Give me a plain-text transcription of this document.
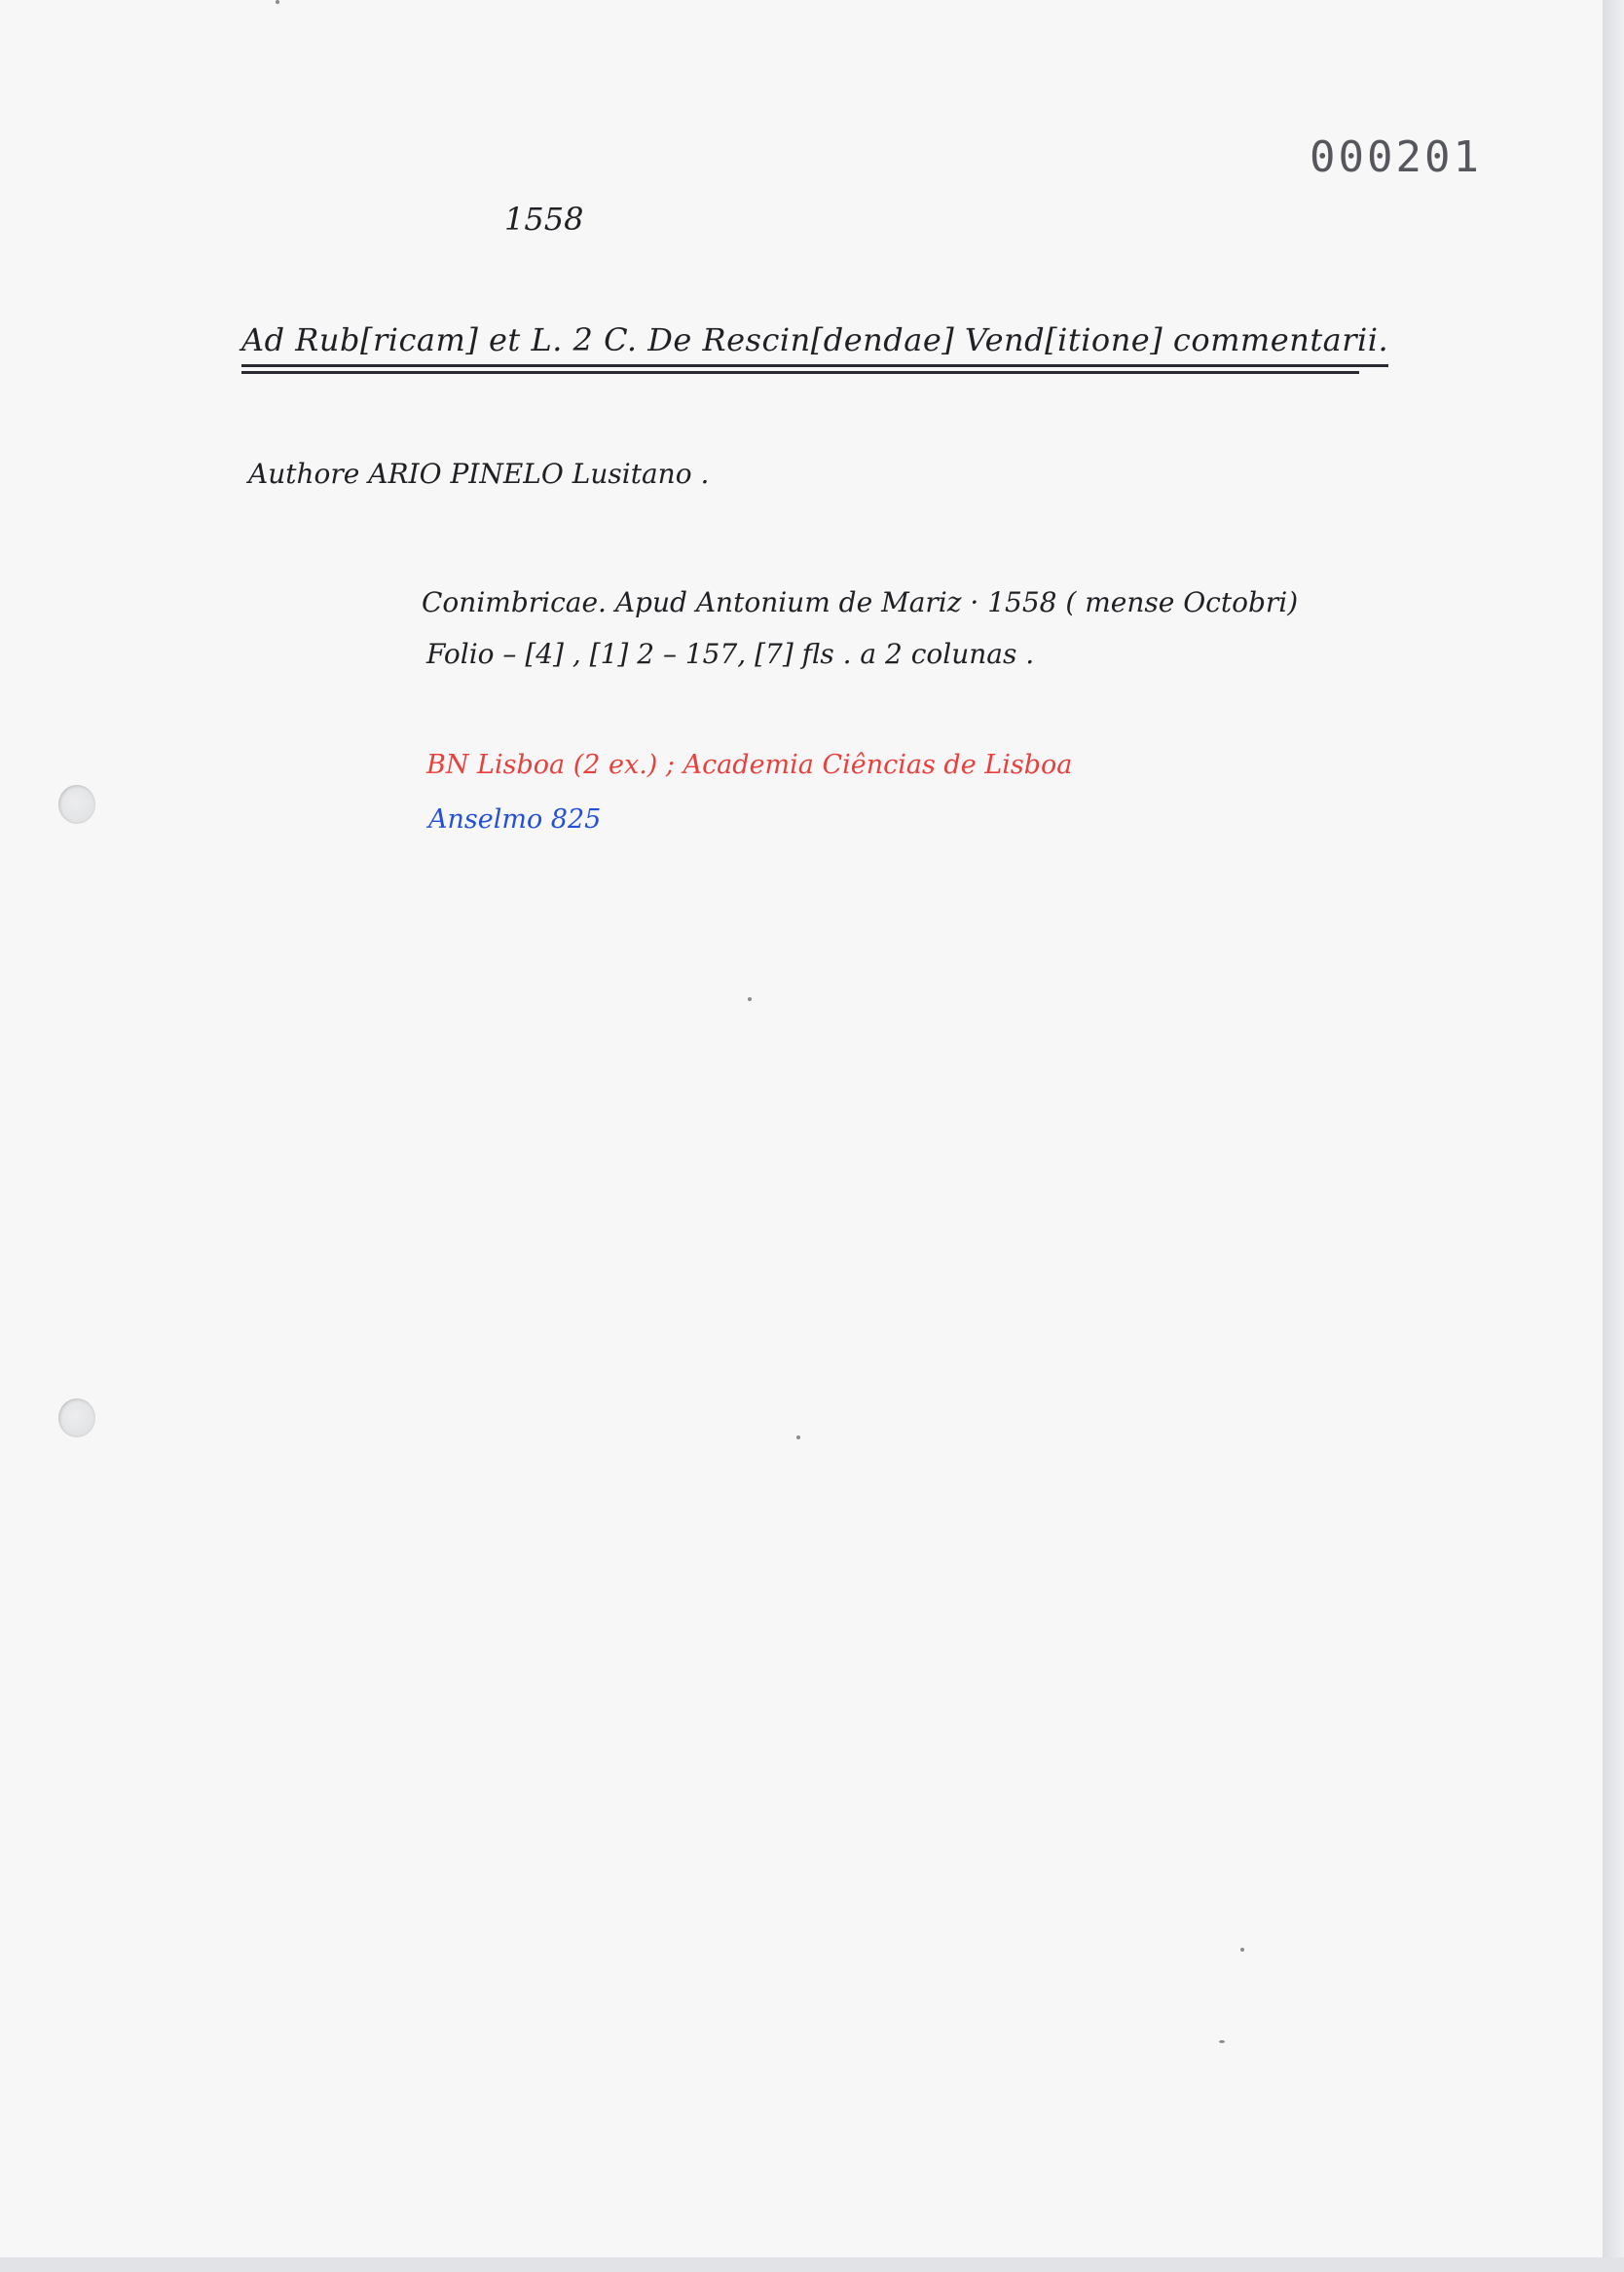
000201
1558
Ad Rub[ricam] et L. 2 C. De Rescin[dendae] Vend[itione] commentarii.
Authore ARIO PINELO Lusitano .
Conimbricae. Apud Antonium de Mariz · 1558 ( mense Octobri)
Folio – [4] , [1] 2 – 157, [7] fls . a 2 colunas .
BN Lisboa (2 ex.) ; Academia Ciências de Lisboa
Anselmo 825
